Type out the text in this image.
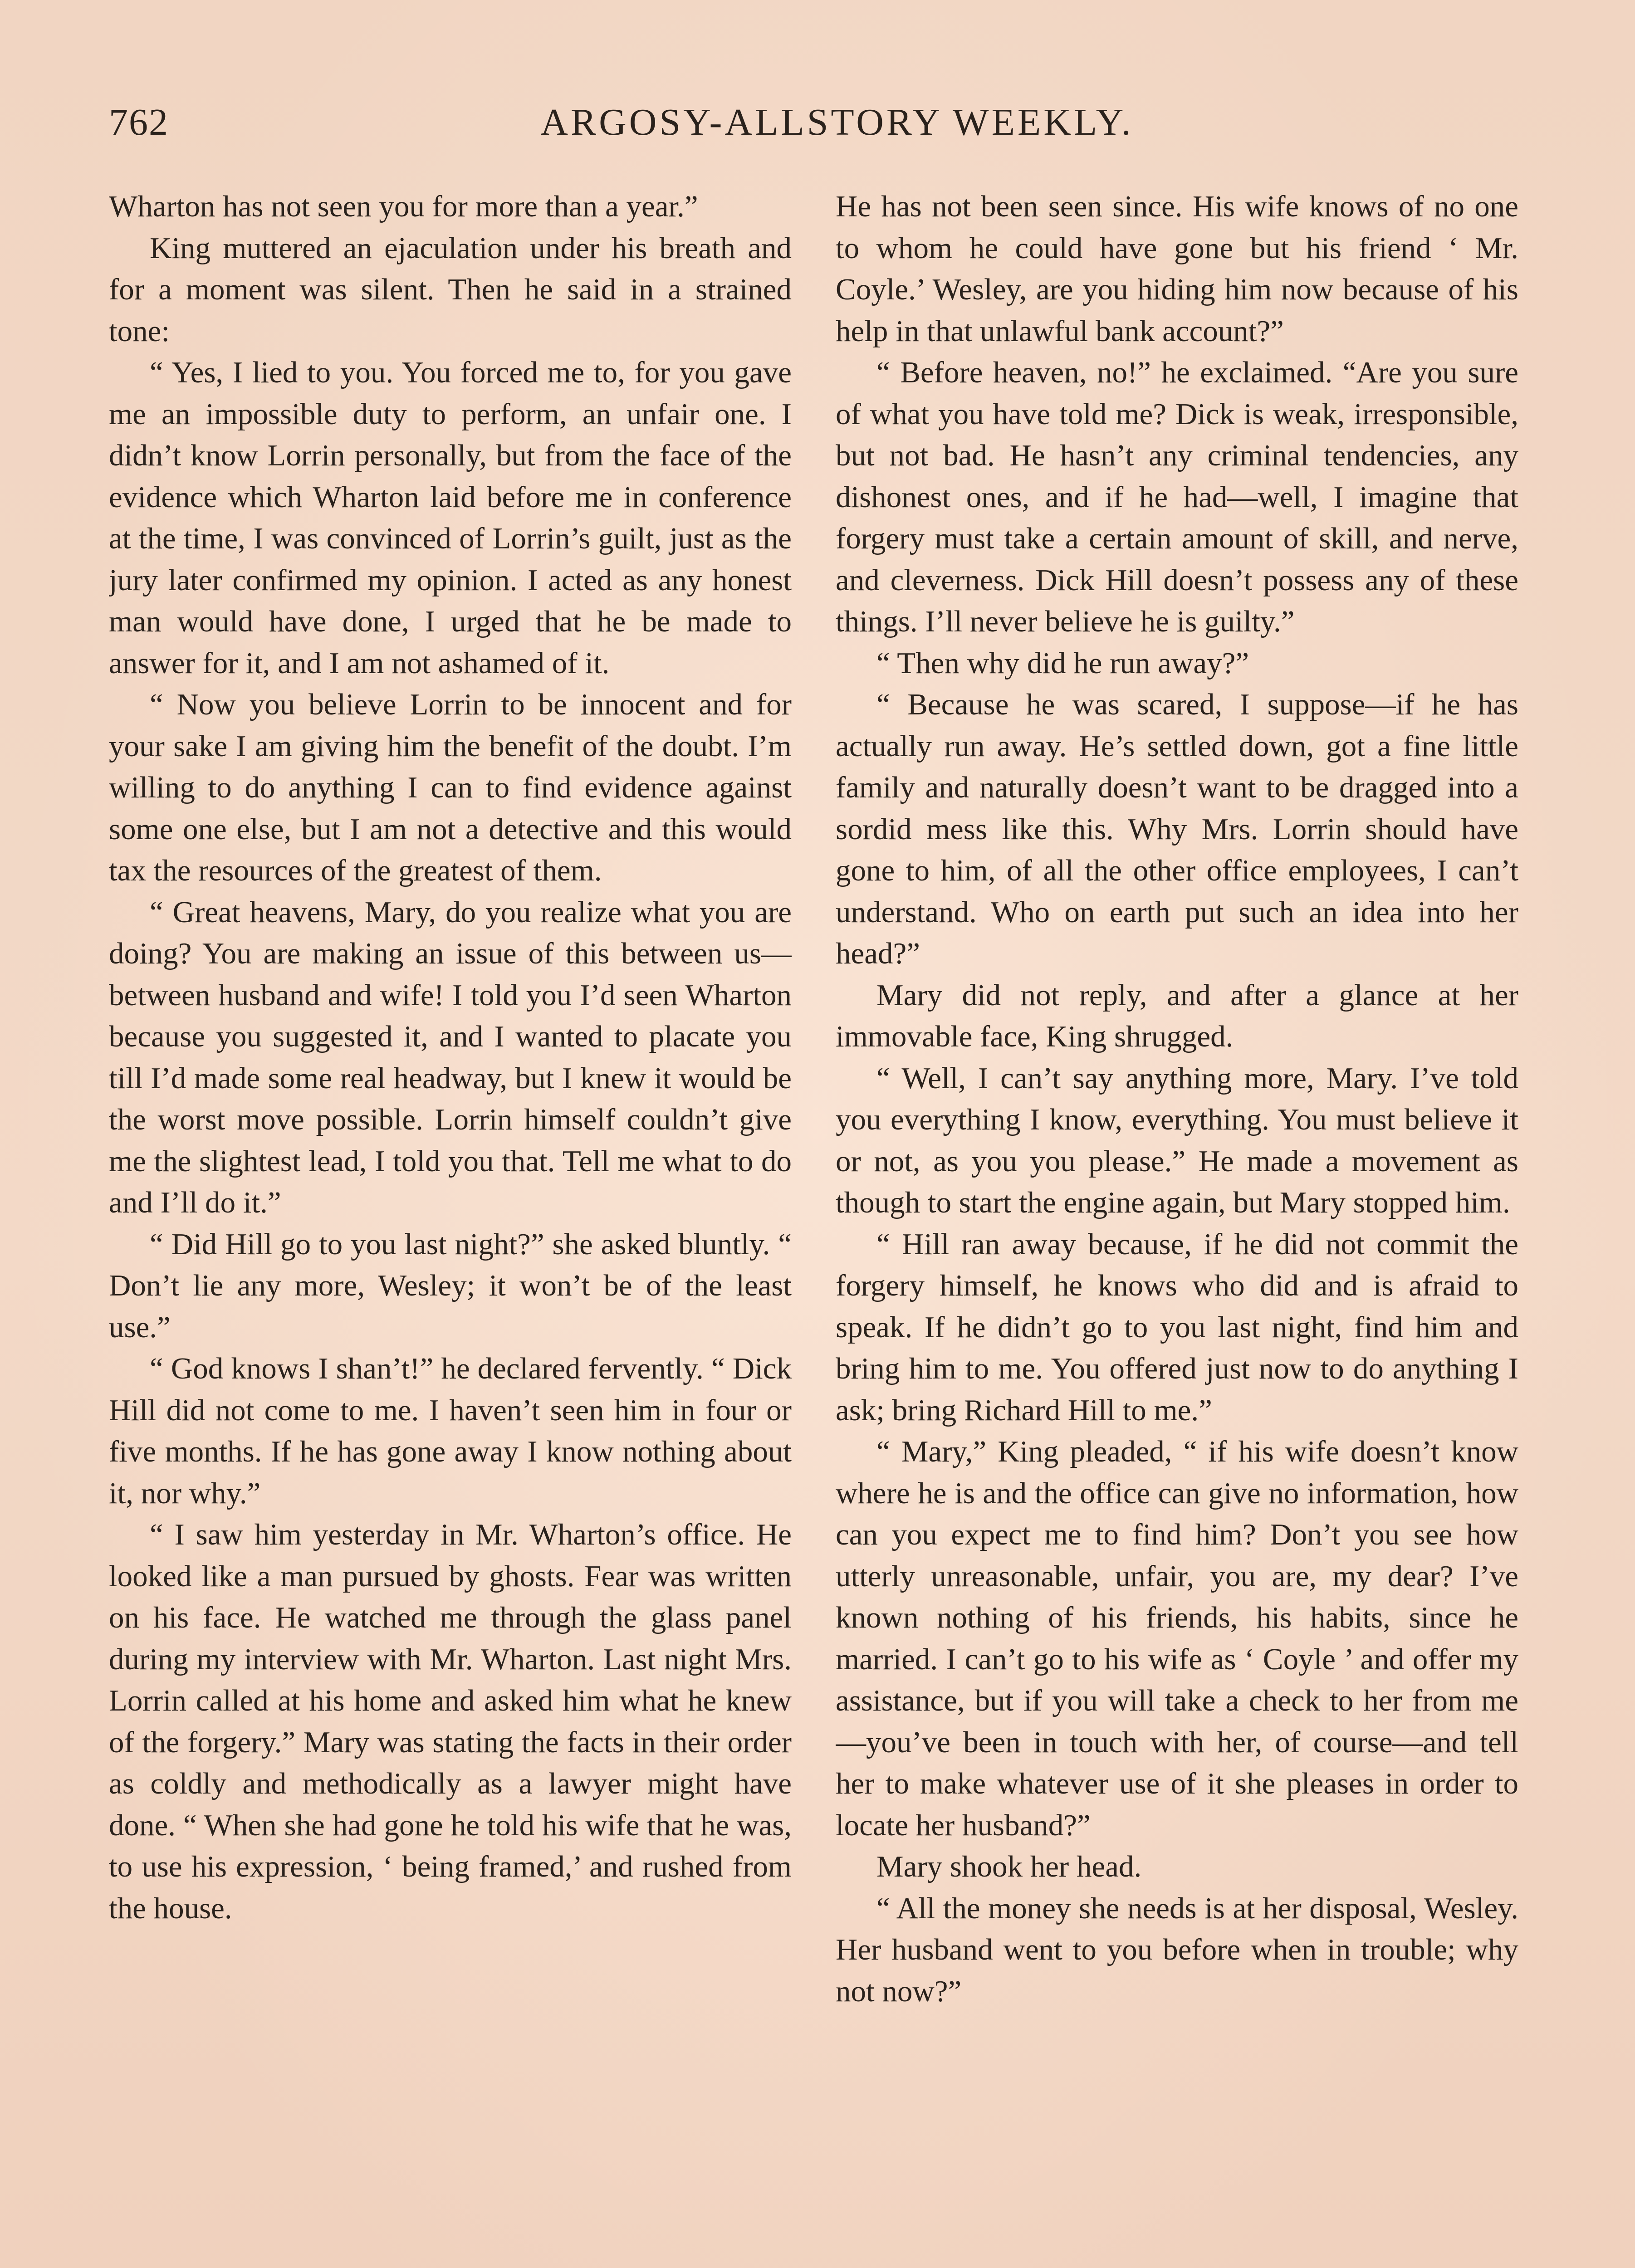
762	ARGOSY-ALLSTORY WEEKLY.

Wharton has not seen you for more than a year.”

King muttered an ejaculation under his breath and for a moment was silent. Then he said in a strained tone:

“ Yes, I lied to you. You forced me to, for you gave me an impossible duty to perform, an unfair one. I didn’t know Lorrin personally, but from the face of the evidence which Wharton laid before me in conference at the time, I was convinced of Lorrin’s guilt, just as the jury later confirmed my opinion. I acted as any honest man would have done, I urged that he be made to answer for it, and I am not ashamed of it.

“ Now you believe Lorrin to be innocent and for your sake I am giving him the benefit of the doubt. I’m willing to do anything I can to find evidence against some one else, but I am not a detective and this would tax the resources of the greatest of them.

“ Great heavens, Mary, do you realize what you are doing? You are making an issue of this between us—between husband and wife! I told you I’d seen Wharton because you suggested it, and I wanted to placate you till I’d made some real headway, but I knew it would be the worst move possible. Lorrin himself couldn’t give me the slightest lead, I told you that. Tell me what to do and I’ll do it.”

“ Did Hill go to you last night?” she asked bluntly. “ Don’t lie any more, Wesley; it won’t be of the least use.”

“ God knows I shan’t!” he declared fervently. “ Dick Hill did not come to me. I haven’t seen him in four or five months. If he has gone away I know nothing about it, nor why.”

“ I saw him yesterday in Mr. Wharton’s office. He looked like a man pursued by ghosts. Fear was written on his face. He watched me through the glass panel during my interview with Mr. Wharton. Last night Mrs. Lorrin called at his home and asked him what he knew of the forgery.” Mary was stating the facts in their order as coldly and methodically as a lawyer might have done. “ When she had gone he told his wife that he was, to use his expression, ‘ being framed,’ and rushed from the house.

He has not been seen since. His wife knows of no one to whom he could have gone but his friend ‘ Mr. Coyle.’ Wesley, are you hiding him now because of his help in that unlawful bank account?”

“ Before heaven, no!” he exclaimed. “Are you sure of what you have told me? Dick is weak, irresponsible, but not bad. He hasn’t any criminal tendencies, any dishonest ones, and if he had—well, I imagine that forgery must take a certain amount of skill, and nerve, and cleverness. Dick Hill doesn’t possess any of these things. I’ll never believe he is guilty.”

“ Then why did he run away?”

“ Because he was scared, I suppose—if he has actually run away. He’s settled down, got a fine little family and naturally doesn’t want to be dragged into a sordid mess like this. Why Mrs. Lorrin should have gone to him, of all the other office employees, I can’t understand. Who on earth put such an idea into her head?”

Mary did not reply, and after a glance at her immovable face, King shrugged.

“ Well, I can’t say anything more, Mary. I’ve told you everything I know, everything. You must believe it or not, as you you please.” He made a movement as though to start the engine again, but Mary stopped him.

“ Hill ran away because, if he did not commit the forgery himself, he knows who did and is afraid to speak. If he didn’t go to you last night, find him and bring him to me. You offered just now to do anything I ask; bring Richard Hill to me.”

“ Mary,” King pleaded, “ if his wife doesn’t know where he is and the office can give no information, how can you expect me to find him? Don’t you see how utterly unreasonable, unfair, you are, my dear? I’ve known nothing of his friends, his habits, since he married. I can’t go to his wife as ‘ Coyle ’ and offer my assistance, but if you will take a check to her from me—you’ve been in touch with her, of course—and tell her to make whatever use of it she pleases in order to locate her husband?”

Mary shook her head.

“ All the money she needs is at her disposal, Wesley. Her husband went to you before when in trouble; why not now?”
